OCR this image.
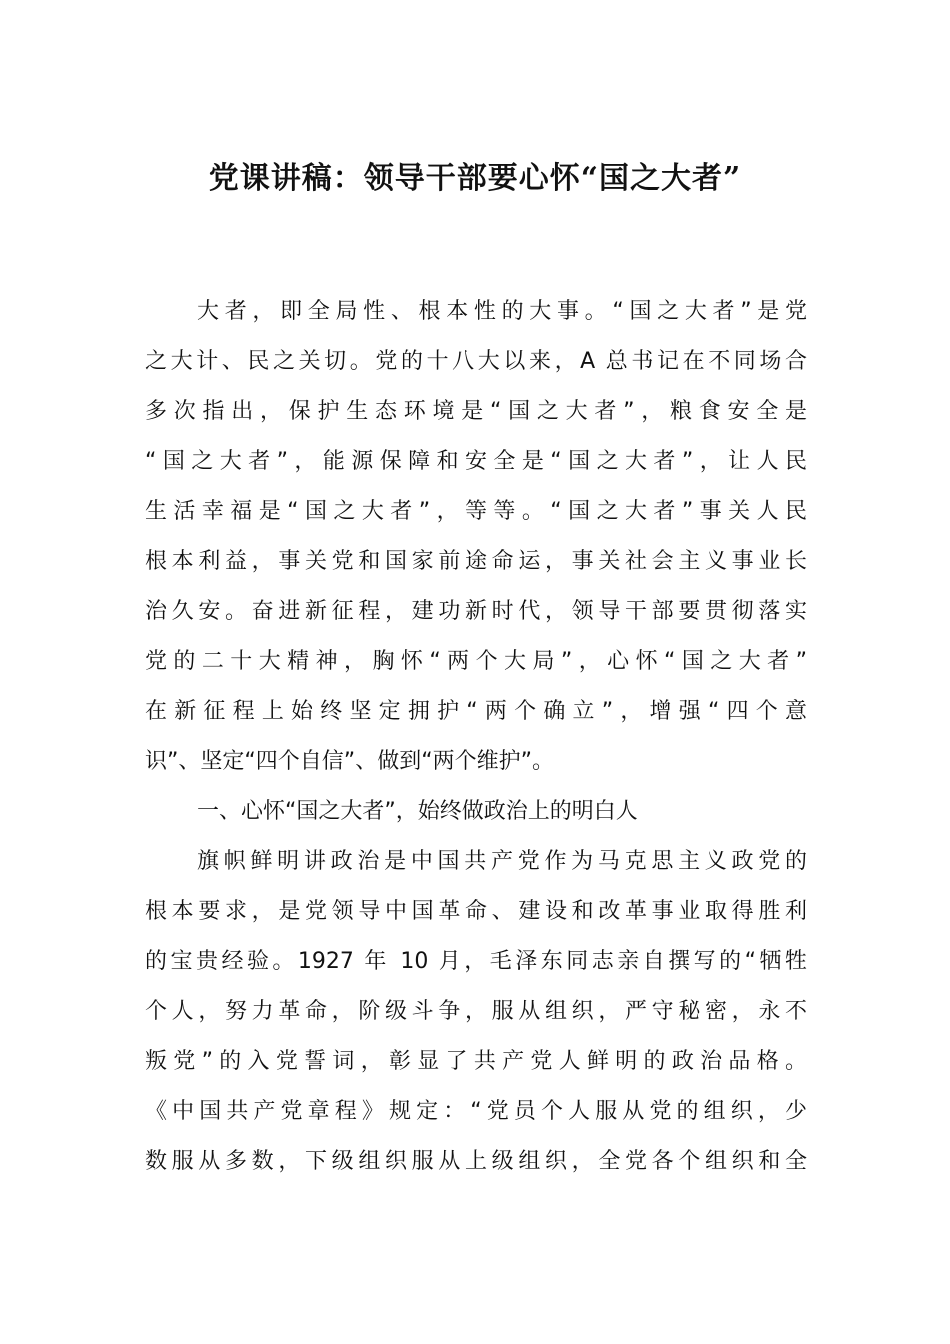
党课讲稿：领导干部要心怀“国之大者”
大者，即全局性、根本性的大事。“国之大者”是党
之大计、民之关切。党的十八大以来，A 总书记在不同场合
多次指出，保护生态环境是“国之大者”，粮食安全是
“国之大者”，能源保障和安全是“国之大者”，让人民
生活幸福是“国之大者”，等等。“国之大者”事关人民
根本利益，事关党和国家前途命运，事关社会主义事业长
治久安。奋进新征程，建功新时代，领导干部要贯彻落实
党的二十大精神，胸怀“两个大局”，心怀“国之大者”
在新征程上始终坚定拥护“两个确立”，增强“四个意
识”、坚定“四个自信”、做到“两个维护”。
一、心怀“国之大者”，始终做政治上的明白人
旗帜鲜明讲政治是中国共产党作为马克思主义政党的
根本要求，是党领导中国革命、建设和改革事业取得胜利
的宝贵经验。1927 年 10 月，毛泽东同志亲自撰写的“牺牲
个人，努力革命，阶级斗争，服从组织，严守秘密，永不
叛党”的入党誓词，彰显了共产党人鲜明的政治品格。
《中国共产党章程》规定：“党员个人服从党的组织，少
数服从多数，下级组织服从上级组织，全党各个组织和全
